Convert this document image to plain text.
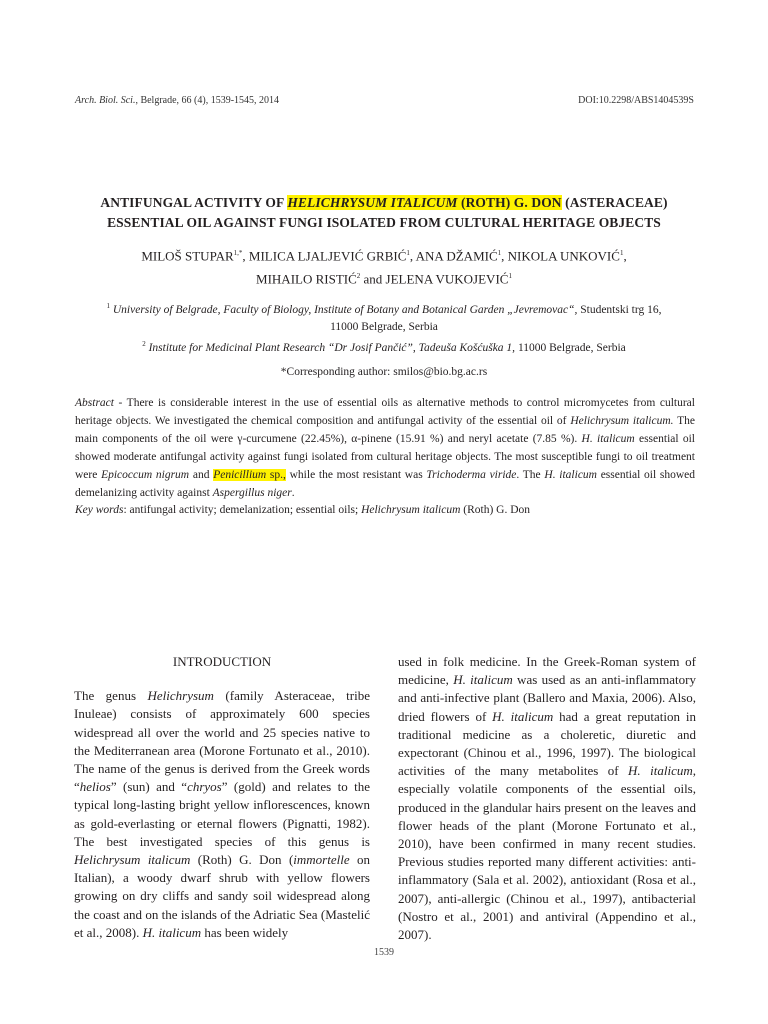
Arch. Biol. Sci., Belgrade, 66 (4), 1539-1545, 2014	DOI:10.2298/ABS1404539S
ANTIFUNGAL ACTIVITY OF HELICHRYSUM ITALICUM (ROTH) G. DON (ASTERACEAE)
ESSENTIAL OIL AGAINST FUNGI ISOLATED FROM CULTURAL HERITAGE OBJECTS
MILOŠ $STUPAR^{1,*}$, MILICA LJALJEVIĆ GRBIĆ$^1$, ANA DŽAMIĆ$^1$, NIKOLA UNKOVIĆ$^1$,
MIHAILO RISTIĆ$^2$ and JELENA VUKOJEVIĆ$^1$
$^1$ University of Belgrade, Faculty of Biology, Institute of Botany and Botanical Garden „Jevremovac“, Studentski trg 16,
11000 Belgrade, Serbia
$^2$ Institute for Medicinal Plant Research “Dr Josif Pančić”, Tadeuša Košćuška 1, 11000 Belgrade, Serbia
*Corresponding author: smilos@bio.bg.ac.rs
Abstract - There is considerable interest in the use of essential oils as alternative methods to control micromycetes from cultural heritage objects. We investigated the chemical composition and antifungal activity of the essential oil of Helichrysum italicum. The main components of the oil were γ-curcumene (22.45%), α-pinene (15.91 %) and neryl acetate (7.85 %). H. italicum essential oil showed moderate antifungal activity against fungi isolated from cultural heritage objects. The most susceptible fungi to oil treatment were Epicoccum nigrum and Penicillium sp., while the most resistant was Trichoderma viride. The H. italicum essential oil showed demelanizing activity against Aspergillus niger.
Key words: antifungal activity; demelanization; essential oils; Helichrysum italicum (Roth) G. Don
INTRODUCTION

The genus Helichrysum (family Asteraceae, tribe Inuleae) consists of approximately 600 species widespread all over the world and 25 species native to the Mediterranean area (Morone Fortunato et al., 2010). The name of the genus is derived from the Greek words “helios” (sun) and “chryos” (gold) and relates to the typical long-lasting bright yellow inflorescences, known as gold-everlasting or eternal flowers (Pignatti, 1982). The best investigated species of this genus is Helichrysum italicum (Roth) G. Don (immortelle on Italian), a woody dwarf shrub with yellow flowers growing on dry cliffs and sandy soil widespread along the coast and on the islands of the Adriatic Sea (Mastelić et al., 2008). H. italicum has been widely

used in folk medicine. In the Greek-Roman system of medicine, H. italicum was used as an anti-inflammatory and anti-infective plant (Ballero and Maxia, 2006). Also, dried flowers of H. italicum had a great reputation in traditional medicine as a choleretic, diuretic and expectorant (Chinou et al., 1996, 1997). The biological activities of the many metabolites of H. italicum, especially volatile components of the essential oils, produced in the glandular hairs present on the leaves and flower heads of the plant (Morone Fortunato et al., 2010), have been confirmed in many recent studies. Previous studies reported many different activities: anti-inflammatory (Sala et al. 2002), antioxidant (Rosa et al., 2007), anti-allergic (Chinou et al., 1997), antibacterial (Nostro et al., 2001) and antiviral (Appendino et al., 2007).

1539
